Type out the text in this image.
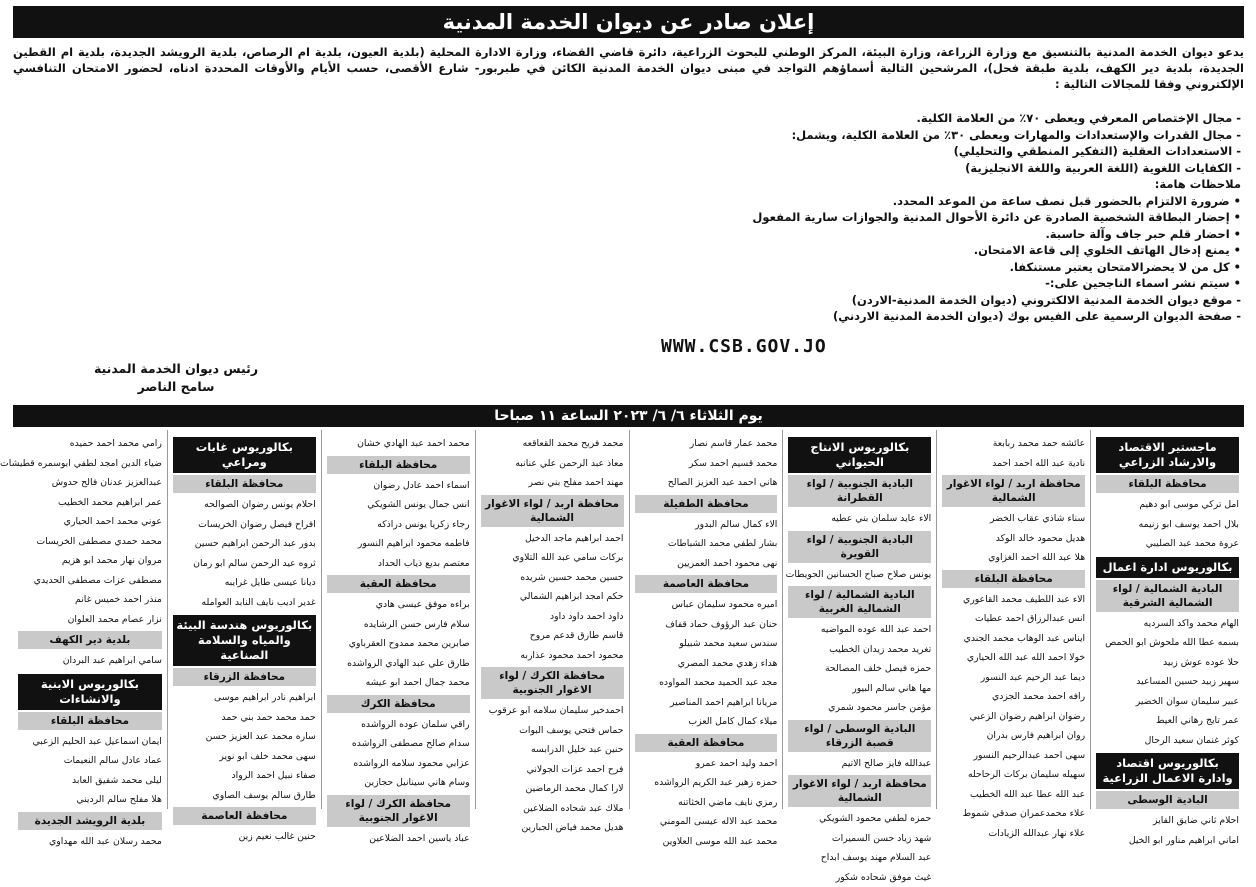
إعلان صادر عن ديوان الخدمة المدنية

يدعو ديوان الخدمة المدنية بالتنسيق مع وزارة الزراعة، وزارة البيئة، المركز الوطني للبحوث الزراعية، دائرة قاضي القضاء، وزارة الادارة المحلية (بلدية العيون، بلدية ام الرصاص، بلدية الرويشد الجديدة، بلدية ام القطين الجديدة، بلدية دير الكهف، بلدية طبقة فحل)، المرشحين التالية أسماؤهم التواجد في مبنى ديوان الخدمة المدنية الكائن في طبربور- شارع الأقصى، حسب الأيام والأوقات المحددة ادناه، لحضور الامتحان التنافسي الإلكتروني وفقا للمجالات التالية :

- مجال الإختصاص المعرفي ويعطى ٧٠٪ من العلامة الكلية.
- مجال القدرات والإستعدادات والمهارات ويعطى ٣٠٪ من العلامة الكلية، ويشمل:
- الاستعدادات العقلية (التفكير المنطقي والتحليلي)
- الكفايات اللغوية (اللغة العربية واللغة الانجليزية)
ملاحظات هامة:
• ضرورة الالتزام بالحضور قبل نصف ساعة من الموعد المحدد.
• إحضار البطاقة الشخصية الصادرة عن دائرة الأحوال المدنية والجوازات سارية المفعول
• احضار قلم حبر جاف وآلة حاسبة.
• يمنع إدخال الهاتف الخلوي إلى قاعة الامتحان.
• كل من لا يحضرالامتحان يعتبر مستنكفا.
• سيتم نشر اسماء الناجحين على:-
- موقع ديوان الخدمة المدنية الالكتروني (ديوان الخدمة المدنية-الاردن)
- صفحة الديوان الرسمية على الفيس بوك (ديوان الخدمة المدنية الاردني)
WWW.CSB.GOV.JO
رئيس ديوان الخدمة المدنية
سامح الناصر
يوم الثلاثاء ٦/ ٦/ ٢٠٢٣ الساعة ١١ صباحا
ماجستير الاقتصاد والارشاد الزراعي
محافظة البلقاء
امل تركي موسى ابو دهيم
بلال احمد يوسف ابو زنيمه
عروة محمد عبد الصليبي
بكالوريوس ادارة اعمال
البادية الشمالية / لواء الشمالية الشرقية
الهام محمد واكد السرديه
بسمه عطا الله ملحوش ابو الحمص
حلا عوده عوش زبيد
سهير زبيد حسين المساعيد
عبير سليمان سوان الخضير
عمر تايج رهاني العيط
كوثر غنمان سعيد الرحال
بكالوريوس اقتصاد وادارة الاعمال الزراعية
البادية الوسطى
احلام ثاني ضايق الفايز
اماني ابراهيم مناور ابو الخيل
عائشه حمد محمد ربابعة
نادية عبد الله احمد احمد
محافظة اربد / لواء الاغوار الشمالية
سناء شاذي عقاب الخضر
هديل محمود خالد الوكد
هلا عبد الله احمد الغزاوي
محافظة البلقاء
الاء عبد اللطيف محمد القاعوري
انس عبدالرزاق احمد عطيات
ايناس عبد الوهاب محمد الجندي
خولا احمد الله عبد الله الحياري
ديما عبد الرحيم عبد النسور
رافه احمد محمد الجزدي
رضوان ابراهيم رضوان الزعبي
روان ابراهيم فارس بدران
سهى احمد عبدالرحيم النسور
سهيله سليمان بركات الرحاحله
عبد الله عطا عبد الله الخطيب
علاء محمدعمران صدقي شموط
علاء نهار عبدالله الزيادات
بكالوريوس الانتاج الحيواني
البادية الجنوبية / لواء القطرانة
الاء عايد سلمان بني عطيه
البادية الجنوبية / لواء القويرة
يونس صلاح صباح الحسانين الحويطات
البادية الشمالية / لواء الشمالية الغربية
احمد عبد الله عوده المواضيه
تغريد محمد زيدان الخطيب
حمزه فيصل خلف المصالحة
مها هاني سالم البيور
مؤمن جاسر محمود شمري
البادية الوسطى / لواء قصبة الزرقاء
عبدالله فايز صالح الاتيم
محافظة اربد / لواء الاغوار الشمالية
حمزه لطفي محمود الشويكي
شهد زياد حسن السميرات
عبد السلام مهند يوسف ابداح
غيث موفق شحاده شكور
محمد عمار قاسم نصار
محمد قسيم احمد سكر
هاني احمد عبد العزيز الصالح
محافظة الطفيلة
الاء كمال سالم البدور
بشار لطفي محمد الشباطات
نهى محمود احمد العمريين
محافظة العاصمة
اميره محمود سليمان عباس
حنان عبد الرؤوف حماد قفاف
سندس سعيد محمد شبيلو
هداء زهدي محمد المصري
مجد عبد الحميد محمد المواوده
مريانا ابراهيم احمد المناصير
ميلاء كمال كامل العزب
محافظة العقبة
احمد وليد احمد عمرو
حمزه زهير عبد الكريم الرواشده
رمزي نايف ماضي الخثاتنه
محمد عبد الاله عيسى المومني
محمد عبد الله موسى العلاوين
محمد فريح محمد القعاقعه
معاذ عبد الرحمن علي عنانبه
مهند احمد مفلح بني نصر
محافظة اربد / لواء الاغوار الشمالية
احمد ابراهيم ماجد الدخيل
بركات سامي عبد الله التلاوي
حسين محمد حسين شريده
حكم امجد ابراهيم الشمالي
داود احمد داود داود
قاسم طارق قدعم مروح
محمود احمد محمود عذاربه
محافظة الكرك / لواء الاغوار الجنوبية
احمدخير سليمان سلامه ابو عرقوب
حماس فتحي يوسف البوات
حنين عبد خليل الدرابسه
فرح احمد عزات الجولاني
لارا كمال محمد الرماضين
ملاك عبد شحاده الضلاعين
هديل محمد فياض الجبارين
محمد احمد عبد الهادي خشان
محافظة البلقاء
اسماء احمد عادل رضوان
انس جمال يونس الشويكي
رجاء زكريا يونس دراذكه
فاطمه محمود ابراهيم النسور
معتصم بديع ذياب الحداد
محافظة العقبة
براءه موفق عيسى هادي
سلام فارس حسن الرشايده
صابرين محمد ممدوح العقرباوي
طارق علي عبد الهادي الرواشده
محمد جمال احمد ابو عيشه
محافظة الكرك
راقي سلمان عوده الرواشده
سدام صالح مصطفى الرواشده
عزابي محمود سلامه الرواشده
وسام هاني سينانيل حجازين
محافظة الكرك / لواء الاغوار الجنوبية
عباد ياسين احمد الضلاعين
بكالوريوس غابات ومراعي
محافظة البلقاء
احلام يونس رضوان الصوالحه
افراح فيصل رضوان الخريسات
بدور عبد الرحمن ابراهيم حسين
ثروه عيد الرحمن سالم ابو رمان
ديانا عيسى طايل غرايبه
غدير اديب نايف النابد العوامله
بكالوريوس هندسة البيئة والمياه والسلامة الصناعية
محافظة الزرقاء
ابراهيم نادر ابراهيم موسى
حمد محمد حمد بني حمد
ساره محمد عبد العزيز حسن
سهى محمد خلف ابو نوير
صفاء نبيل احمد الرواد
طارق سالم يوسف الصاوي
محافظة العاصمة
حنين غالب نعيم زين
رامي محمد احمد حميده
ضياء الدين امجد لطفي ابوسمره قطيشات
عبدالعزيز عدنان فالح حدوش
عمر ابراهيم محمد الخطيب
عوني محمد احمد الحياري
محمد حمدي مصطفى الخريسات
مروان نهار محمد ابو هزيم
مصطفى عزات مصطفى الحديدي
منذر احمد خميس غانم
نزار عصام محمد العلوان
بلدية دير الكهف
سامي ابراهيم عبد البردان
بكالوريوس الابنية والانشاءات
محافظة البلقاء
ايمان اسماعيل عبد الحليم الزعبي
عماد عادل سالم النعيمات
ليلى محمد شفيق العابد
هلا مفلح سالم الرديني
بلدية الرويشد الجديدة
محمد رسلان عبد الله مهداوي
